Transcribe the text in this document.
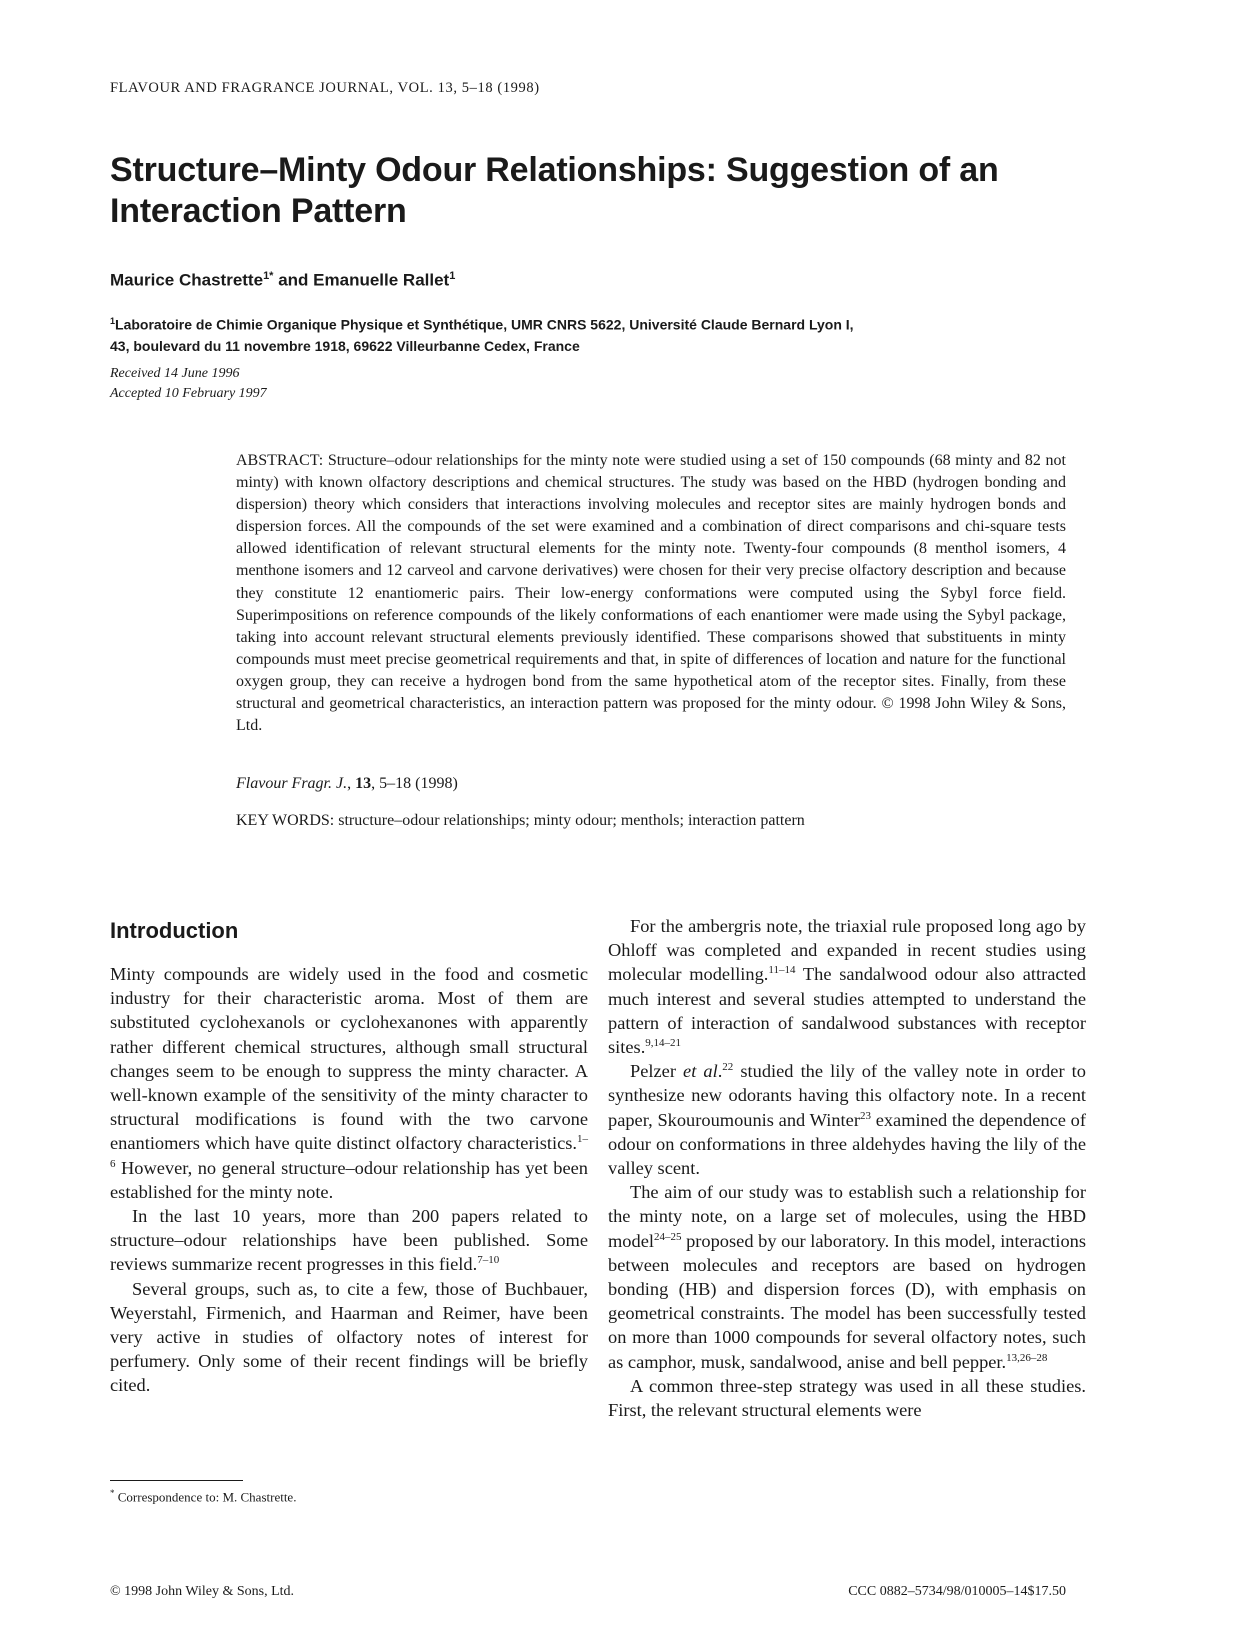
FLAVOUR AND FRAGRANCE JOURNAL, VOL. 13, 5–18 (1998)
Structure–Minty Odour Relationships: Suggestion of an Interaction Pattern
Maurice Chastrette$^{1*}$ and Emanuelle Rallet$^1$
$^1$Laboratoire de Chimie Organique Physique et Synthétique, UMR CNRS 5622, Université Claude Bernard Lyon I,
43, boulevard du 11 novembre 1918, 69622 Villeurbanne Cedex, France
Received 14 June 1996
Accepted 10 February 1997
ABSTRACT: Structure–odour relationships for the minty note were studied using a set of 150 compounds (68 minty and 82 not minty) with known olfactory descriptions and chemical structures. The study was based on the HBD (hydrogen bonding and dispersion) theory which considers that interactions involving molecules and receptor sites are mainly hydrogen bonds and dispersion forces. All the compounds of the set were examined and a combination of direct comparisons and chi-square tests allowed identification of relevant structural elements for the minty note. Twenty-four compounds (8 menthol isomers, 4 menthone isomers and 12 carveol and carvone derivatives) were chosen for their very precise olfactory description and because they constitute 12 enantiomeric pairs. Their low-energy conformations were computed using the Sybyl force field. Superimpositions on reference compounds of the likely conformations of each enantiomer were made using the Sybyl package, taking into account relevant structural elements previously identified. These comparisons showed that substituents in minty compounds must meet precise geometrical requirements and that, in spite of differences of location and nature for the functional oxygen group, they can receive a hydrogen bond from the same hypothetical atom of the receptor sites. Finally, from these structural and geometrical characteristics, an interaction pattern was proposed for the minty odour. © 1998 John Wiley & Sons, Ltd.
Flavour Fragr. J., 13, 5–18 (1998)
KEY WORDS: structure–odour relationships; minty odour; menthols; interaction pattern
Introduction

Minty compounds are widely used in the food and cosmetic industry for their characteristic aroma. Most of them are substituted cyclohexanols or cyclohexanones with apparently rather different chemical structures, although small structural changes seem to be enough to suppress the minty character. A well-known example of the sensitivity of the minty character to structural modifications is found with the two carvone enantiomers which have quite distinct olfactory characteristics.$^{1-6}$ However, no general structure–odour relationship has yet been established for the minty note.

In the last 10 years, more than 200 papers related to structure–odour relationships have been published. Some reviews summarize recent progresses in this field.$^{7-10}$

Several groups, such as, to cite a few, those of Buchbauer, Weyerstahl, Firmenich, and Haarman and Reimer, have been very active in studies of olfactory notes of interest for perfumery. Only some of their recent findings will be briefly cited.

For the ambergris note, the triaxial rule proposed long ago by Ohloff was completed and expanded in recent studies using molecular modelling.$^{11-14}$ The sandalwood odour also attracted much interest and several studies attempted to understand the pattern of interaction of sandalwood substances with receptor sites.$^{9,14-21}$

Pelzer et al.$^{22}$ studied the lily of the valley note in order to synthesize new odorants having this olfactory note. In a recent paper, Skouroumounis and Winter$^{23}$ examined the dependence of odour on conformations in three aldehydes having the lily of the valley scent.

The aim of our study was to establish such a relationship for the minty note, on a large set of molecules, using the HBD model$^{24-25}$ proposed by our laboratory. In this model, interactions between molecules and receptors are based on hydrogen bonding (HB) and dispersion forces (D), with emphasis on geometrical constraints. The model has been successfully tested on more than 1000 compounds for several olfactory notes, such as camphor, musk, sandalwood, anise and bell pepper.$^{13,26-28}$

A common three-step strategy was used in all these studies. First, the relevant structural elements were

* Correspondence to: M. Chastrette.
© 1998 John Wiley & Sons, Ltd.	CCC 0882–5734/98/010005–14$17.50
